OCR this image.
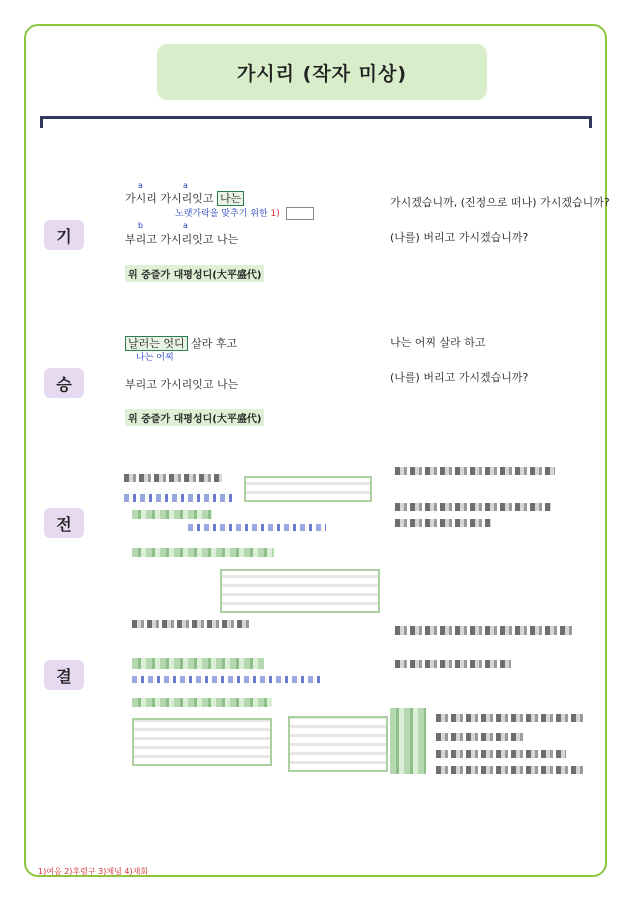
가시리 (작자 미상)
기
a	a
가시리 가시리잇고 나는
노랫가락을 맞추기 위한 1)
b	a
부리고 가시리잇고 나는
위 증즐가 대평성디(大平盛代)
가시겠습니까, (진정으로 떠나) 가시겠습니까?
(나를) 버리고 가시겠습니까?
승
날러는 엇디 살라 후고
나는 어찌
부리고 가시리잇고 나는
위 증즐가 대평성디(大平盛代)
나는 어찌 살라 하고
(나를) 버리고 가시겠습니까?
전
결
1)여음 2)후렴구 3)체념 4)재회
